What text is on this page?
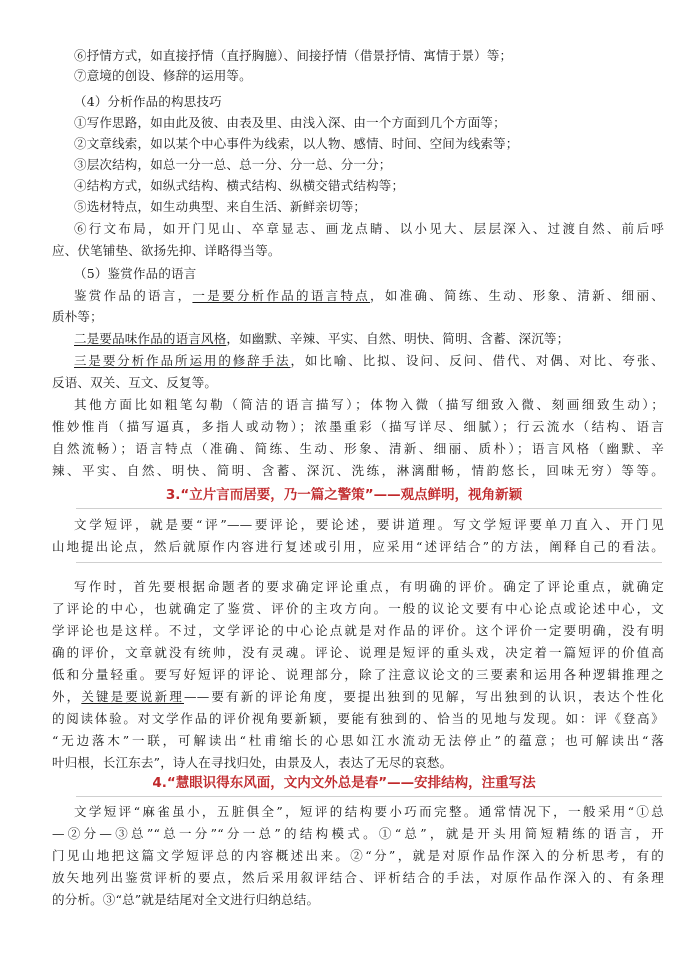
⑥抒情方式，如直接抒情（直抒胸臆）、间接抒情（借景抒情、寓情于景）等；
⑦意境的创设、修辞的运用等。
（4）分析作品的构思技巧
①写作思路，如由此及彼、由表及里、由浅入深、由一个方面到几个方面等；
②文章线索，如以某个中心事件为线索，以人物、感情、时间、空间为线索等；
③层次结构，如总一分一总、总一分、分一总、分一分；
④结构方式，如纵式结构、横式结构、纵横交错式结构等；
⑤选材特点，如生动典型、来自生活、新鲜亲切等；
⑥行文布局，如开门见山、卒章显志、画龙点睛、以小见大、层层深入、过渡自然、前后呼
应、伏笔铺垫、欲扬先抑、详略得当等。
（5）鉴赏作品的语言
鉴赏作品的语言，一是要分析作品的语言特点，如准确、简练、生动、形象、清新、细丽、
质朴等；
二是要品味作品的语言风格，如幽默、辛辣、平实、自然、明快、简明、含蓄、深沉等；
三是要分析作品所运用的修辞手法，如比喻、比拟、设问、反问、借代、对偶、对比、夸张、
反语、双关、互文、反复等。
其他方面比如粗笔勾勒（简洁的语言描写）；体物入微（描写细致入微、刻画细致生动）；
惟妙惟肖（描写逼真，多指人或动物）；浓墨重彩（描写详尽、细腻）；行云流水（结构、语言
自然流畅）；语言特点（准确、简练、生动、形象、清新、细丽、质朴）；语言风格（幽默、辛
辣、平实、自然、明快、简明、含蓄、深沉、洗练，淋漓酣畅，情韵悠长，回味无穷）等等。
3.“立片言而居要，乃一篇之警策”——观点鲜明，视角新颖
文学短评，就是要“评”——要评论，要论述，要讲道理。写文学短评要单刀直入、开门见
山地提出论点，然后就原作内容进行复述或引用，应采用“述评结合”的方法，阐释自己的看法。
写作时，首先要根据命题者的要求确定评论重点，有明确的评价。确定了评论重点，就确定
了评论的中心，也就确定了鉴赏、评价的主攻方向。一般的议论文要有中心论点或论述中心，文
学评论也是这样。不过，文学评论的中心论点就是对作品的评价。这个评价一定要明确，没有明
确的评价，文章就没有统帅，没有灵魂。评论、说理是短评的重头戏，决定着一篇短评的价值高
低和分量轻重。要写好短评的评论、说理部分，除了注意议论文的三要素和运用各种逻辑推理之
外，关键是要说新理——要有新的评论角度，要提出独到的见解，写出独到的认识，表达个性化
的阅读体验。对文学作品的评价视角要新颖，要能有独到的、恰当的见地与发现。如：评《登高》
“无边落木”一联，可解读出“杜甫缩长的心思如江水流动无法停止”的蕴意；也可解读出“落
叶归根，长江东去”，诗人在寻找归处，由景及人，表达了无尽的哀愁。
4.“慧眼识得东风面，文内文外总是春”——安排结构，注重写法
文学短评“麻雀虽小，五脏俱全”，短评的结构要小巧而完整。通常情况下，一般采用“①总
—②分—③总”“总一分”“分一总”的结构模式。①“总”，就是开头用简短精练的语言，开
门见山地把这篇文学短评总的内容概述出来。②“分”，就是对原作品作深入的分析思考，有的
放矢地列出鉴赏评析的要点，然后采用叙评结合、评析结合的手法，对原作品作深入的、有条理
的分析。③“总”就是结尾对全文进行归纳总结。
